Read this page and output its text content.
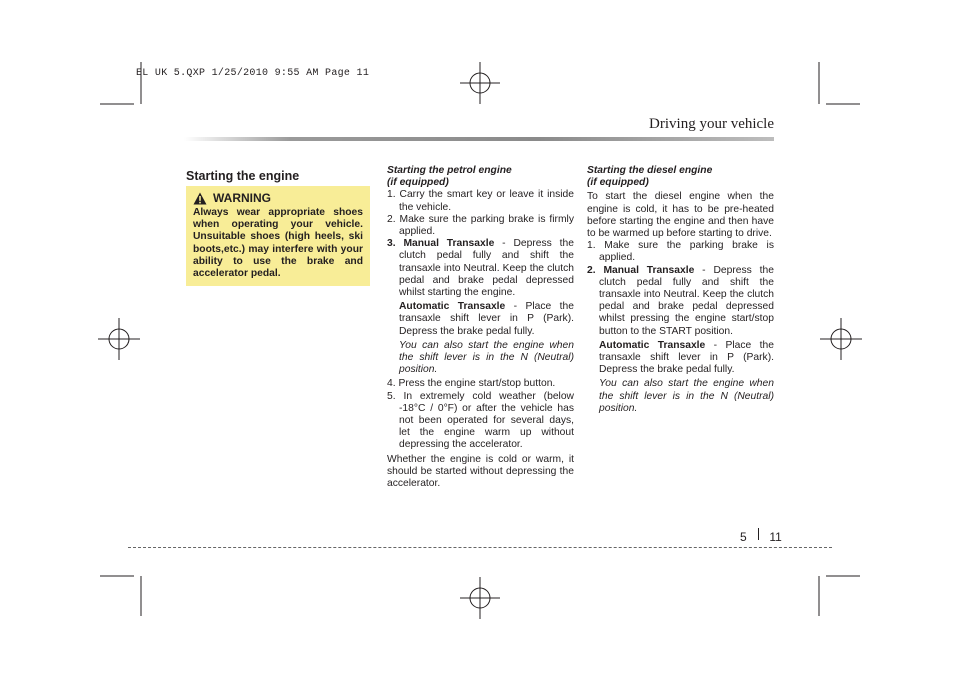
EL UK 5.QXP 1/25/2010 9:55 AM Page 11
Driving your vehicle
Starting the engine
WARNING
Always wear appropriate shoes when operating your vehicle. Unsuitable shoes (high heels, ski boots,etc.) may interfere with your ability to use the brake and accelerator pedal.

Starting the petrol engine

(if equipped)

1. Carry the smart key or leave it inside the vehicle.

2. Make sure the parking brake is firmly applied.

3. Manual Transaxle - Depress the clutch pedal fully and shift the transaxle into Neutral. Keep the clutch pedal and brake pedal depressed whilst starting the engine.

Automatic Transaxle - Place the transaxle shift lever in P (Park). Depress the brake pedal fully.

You can also start the engine when the shift lever is in the N (Neutral) position.

4. Press the engine start/stop button.

5. In extremely cold weather (below -18°C / 0°F) or after the vehicle has not been operated for several days, let the engine warm up without depressing the accelerator.

Whether the engine is cold or warm, it should be started without depressing the accelerator.

Starting the diesel engine

(if equipped)

To start the diesel engine when the engine is cold, it has to be pre-heated before starting the engine and then have to be warmed up before starting to drive.

1. Make sure the parking brake is applied.

2. Manual Transaxle - Depress the clutch pedal fully and shift the transaxle into Neutral. Keep the clutch pedal and brake pedal depressed whilst pressing the engine start/stop button to the START position.

Automatic Transaxle - Place the transaxle shift lever in P (Park). Depress the brake pedal fully.

You can also start the engine when the shift lever is in the N (Neutral) position.

5 11
